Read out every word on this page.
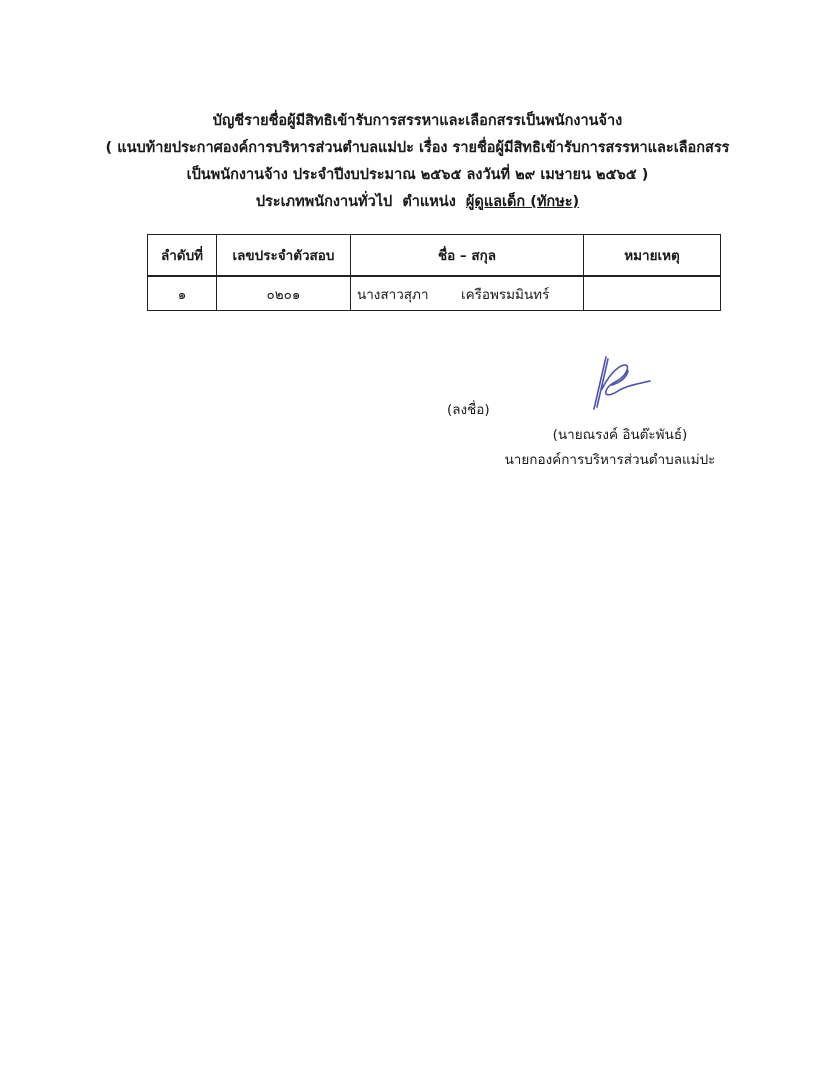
บัญชีรายชื่อผู้มีสิทธิเข้ารับการสรรหาและเลือกสรรเป็นพนักงานจ้าง
( แนบท้ายประกาศองค์การบริหารส่วนตำบลแม่ปะ เรื่อง รายชื่อผู้มีสิทธิเข้ารับการสรรหาและเลือกสรร
เป็นพนักงานจ้าง ประจำปีงบประมาณ ๒๕๖๕ ลงวันที่ ๒๙ เมษายน ๒๕๖๕ )
ประเภทพนักงานทั่วไป  ตำแหน่ง  ผู้ดูแลเด็ก (ทักษะ)
ลำดับที่	เลขประจำตัวสอบ	ชื่อ – สกุล	หมายเหตุ
๑	๐๒๐๑	นางสาวสุภา เครือพรมมินทร์	
(ลงชื่อ)
(นายณรงค์ อินต๊ะพันธ์)
นายกองค์การบริหารส่วนตำบลแม่ปะ
